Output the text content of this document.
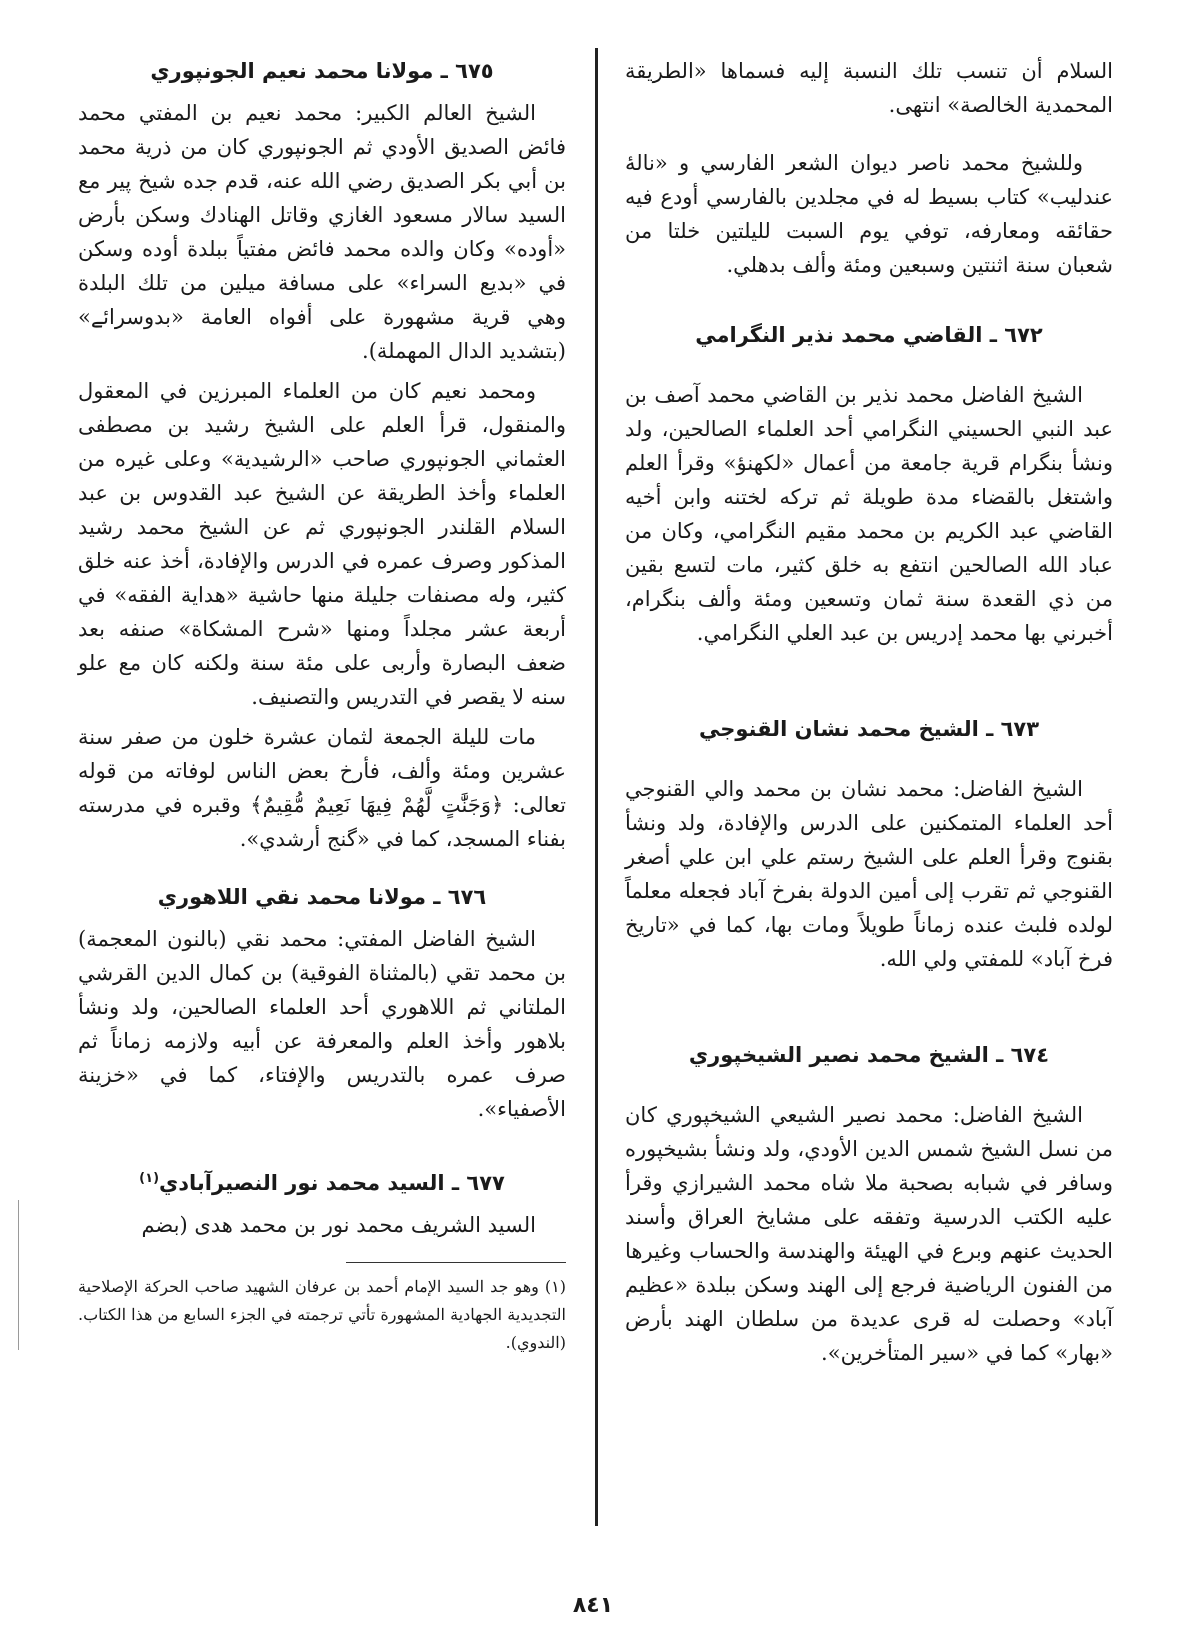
السلام أن تنسب تلك النسبة إليه فسماها «الطريقة المحمدية الخالصة» انتهى.

وللشيخ محمد ناصر ديوان الشعر الفارسي و «نالهٔ عندليب» كتاب بسيط له في مجلدين بالفارسي أودع فيه حقائقه ومعارفه، توفي يوم السبت لليلتين خلتا من شعبان سنة اثنتين وسبعين ومئة وألف بدهلي.

٦٧٢ ـ القاضي محمد نذير النگرامي

الشيخ الفاضل محمد نذير بن القاضي محمد آصف بن عبد النبي الحسيني النگرامي أحد العلماء الصالحين، ولد ونشأ بنگرام قرية جامعة من أعمال «لكهنؤ» وقرأ العلم واشتغل بالقضاء مدة طويلة ثم تركه لختنه وابن أخيه القاضي عبد الكريم بن محمد مقيم النگرامي، وكان من عباد الله الصالحين انتفع به خلق كثير، مات لتسع بقين من ذي القعدة سنة ثمان وتسعين ومئة وألف بنگرام، أخبرني بها محمد إدريس بن عبد العلي النگرامي.

٦٧٣ ـ الشيخ محمد نشان القنوجي

الشيخ الفاضل: محمد نشان بن محمد والي القنوجي أحد العلماء المتمكنين على الدرس والإفادة، ولد ونشأ بقنوج وقرأ العلم على الشيخ رستم علي ابن علي أصغر القنوجي ثم تقرب إلى أمين الدولة بفرخ آباد فجعله معلماً لولده فلبث عنده زماناً طويلاً ومات بها، كما في «تاريخ فرخ آباد» للمفتي ولي الله.

٦٧٤ ـ الشيخ محمد نصير الشيخپوري

الشيخ الفاضل: محمد نصير الشيعي الشيخپوري كان من نسل الشيخ شمس الدين الأودي، ولد ونشأ بشيخپوره وسافر في شبابه بصحبة ملا شاه محمد الشيرازي وقرأ عليه الكتب الدرسية وتفقه على مشايخ العراق وأسند الحديث عنهم وبرع في الهيئة والهندسة والحساب وغيرها من الفنون الرياضية فرجع إلى الهند وسكن ببلدة «عظيم آباد» وحصلت له قرى عديدة من سلطان الهند بأرض «بهار» كما في «سير المتأخرين».

٦٧٥ ـ مولانا محمد نعيم الجونپوري

الشيخ العالم الكبير: محمد نعيم بن المفتي محمد فائض الصديق الأودي ثم الجونپوري كان من ذرية محمد بن أبي بكر الصديق رضي الله عنه، قدم جده شيخ پير مع السيد سالار مسعود الغازي وقاتل الهنادك وسكن بأرض «أوده» وكان والده محمد فائض مفتياً ببلدة أوده وسكن في «بديع السراء» على مسافة ميلين من تلك البلدة وهي قرية مشهورة على أفواه العامة «بدوسرائے» (بتشديد الدال المهملة).

ومحمد نعيم كان من العلماء المبرزين في المعقول والمنقول، قرأ العلم على الشيخ رشيد بن مصطفى العثماني الجونپوري صاحب «الرشيدية» وعلى غيره من العلماء وأخذ الطريقة عن الشيخ عبد القدوس بن عبد السلام القلندر الجونپوري ثم عن الشيخ محمد رشيد المذكور وصرف عمره في الدرس والإفادة، أخذ عنه خلق كثير، وله مصنفات جليلة منها حاشية «هداية الفقه» في أربعة عشر مجلداً ومنها «شرح المشكاة» صنفه بعد ضعف البصارة وأربى على مئة سنة ولكنه كان مع علو سنه لا يقصر في التدريس والتصنيف.

مات لليلة الجمعة لثمان عشرة خلون من صفر سنة عشرين ومئة وألف، فأرخ بعض الناس لوفاته من قوله تعالى: ﴿وَجَنَّٰتٍ لَّهُمْ فِيهَا نَعِيمٌ مُّقِيمٌ﴾ وقبره في مدرسته بفناء المسجد، كما في «گنج أرشدي».

٦٧٦ ـ مولانا محمد نقي اللاهوري

الشيخ الفاضل المفتي: محمد نقي (بالنون المعجمة) بن محمد تقي (بالمثناة الفوقية) بن كمال الدين القرشي الملتاني ثم اللاهوري أحد العلماء الصالحين، ولد ونشأ بلاهور وأخذ العلم والمعرفة عن أبيه ولازمه زماناً ثم صرف عمره بالتدريس والإفتاء، كما في «خزينة الأصفياء».

٦٧٧ ـ السيد محمد نور النصيرآبادي$^{(١)}$

السيد الشريف محمد نور بن محمد هدى (بضم

(١) وهو جد السيد الإمام أحمد بن عرفان الشهيد صاحب الحركة الإصلاحية التجديدية الجهادية المشهورة تأتي ترجمته في الجزء السابع من هذا الكتاب. (الندوي).

٨٤١
